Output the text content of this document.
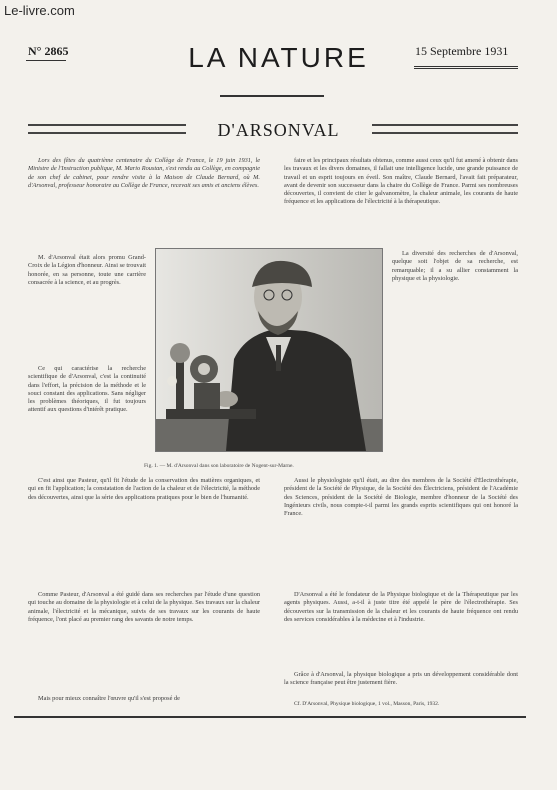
Le-livre.com
N° 2865	LA NATURE	15 Septembre 1931
D'ARSONVAL

Lors des fêtes du quatrième centenaire du Collège de France, le 19 juin 1931, le Ministre de l'Instruction publique, M. Mario Roustan, s'est rendu au Collège, en compagnie de son chef de cabinet, pour rendre visite à la Maison de Claude Bernard, où M. d'Arsonval, professeur honoraire au Collège de France, recevait ses amis et anciens élèves.

M. d'Arsonval était alors promu Grand-Croix de la Légion d'honneur. Ainsi se trouvait honorée, en sa personne, toute une carrière consacrée à la science, et au progrès.

Ce qui caractérise la recherche scientifique de d'Arsonval, c'est la continuité dans l'effort, la précision de la méthode et le souci constant des applications. Sans négliger les problèmes théoriques, il fut toujours attentif aux questions d'intérêt pratique.

C'est ainsi que Pasteur, qu'il fit l'étude de la conservation des matières organiques, et qui en fit l'application; la constatation de l'action de la chaleur et de l'électricité, la méthode des découvertes, ainsi que la série des applications pratiques pour le bien de l'humanité.

Comme Pasteur, d'Arsonval a été guidé dans ses recherches par l'étude d'une question qui touche au domaine de la physiologie et à celui de la physique. Ses travaux sur la chaleur animale, l'électricité et la mécanique, suivis de ses travaux sur les courants de haute fréquence, l'ont placé au premier rang des savants de notre temps.

Mais pour mieux connaître l'œuvre qu'il s'est proposé de

faire et les principaux résultats obtenus, comme aussi ceux qu'il fut amené à obtenir dans les travaux et les divers domaines, il fallait une intelligence lucide, une grande puissance de travail et un esprit toujours en éveil. Son maître, Claude Bernard, l'avait fait préparateur, avant de devenir son successeur dans la chaire du Collège de France. Parmi ses nombreuses découvertes, il convient de citer le galvanomètre, la chaleur animale, les courants de haute fréquence et les applications de l'électricité à la thérapeutique.

La diversité des recherches de d'Arsonval, quelque soit l'objet de sa recherche, est remarquable; il a su allier constamment la physique et la physiologie.

Aussi le physiologiste qu'il était, au dire des membres de la Société d'Électrothérapie, président de la Société de Physique, de la Société des Électriciens, président de l'Académie des Sciences, président de la Société de Biologie, membre d'honneur de la Société des Ingénieurs civils, nous compte-t-il parmi les grands esprits scientifiques qui ont honoré la France.

D'Arsonval a été le fondateur de la Physique biologique et de la Thérapeutique par les agents physiques. Aussi, a-t-il à juste titre été appelé le père de l'électrothérapie. Ses découvertes sur la transmission de la chaleur et les courants de haute fréquence ont rendu des services considérables à la médecine et à l'industrie.

Grâce à d'Arsonval, la physique biologique a pris un développement considérable dont la science française peut être justement fière.

Cf. D'Arsonval, Physique biologique, 1 vol., Masson, Paris, 1932.

Fig. 1. — M. d'Arsonval dans son laboratoire de Nogent-sur-Marne.
